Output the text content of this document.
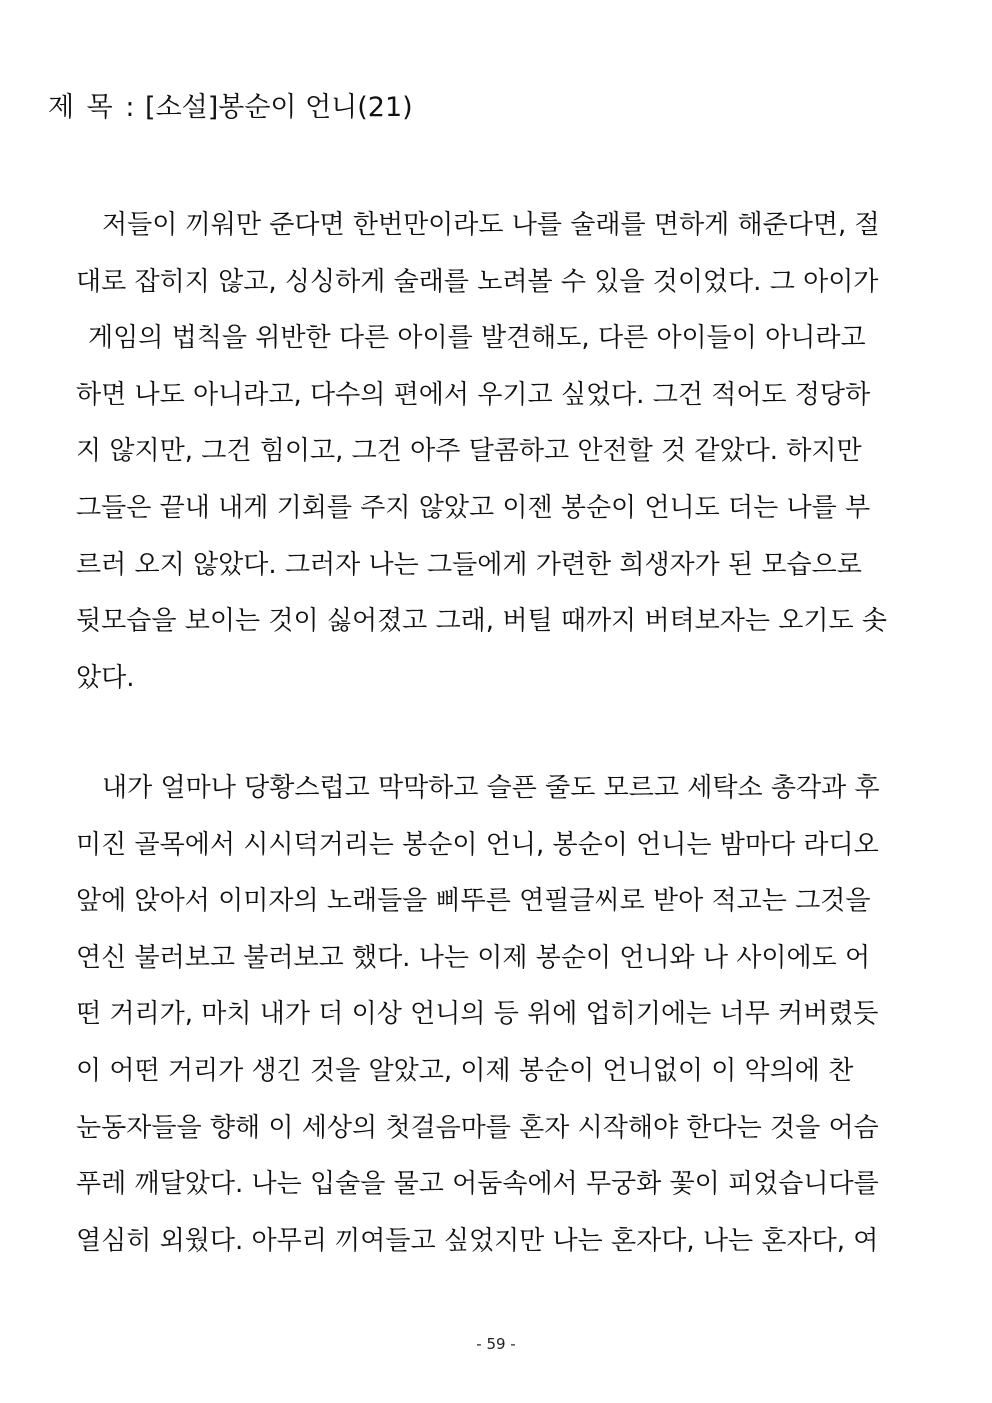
제 목 : [소설]봉순이 언니(21)
저들이 끼워만 준다면 한번만이라도 나를 술래를 면하게 해준다면, 절
대로 잡히지 않고, 싱싱하게 술래를 노려볼 수 있을 것이었다. 그 아이가
게임의 법칙을 위반한 다른 아이를 발견해도, 다른 아이들이 아니라고
하면 나도 아니라고, 다수의 편에서 우기고 싶었다. 그건 적어도 정당하
지 않지만, 그건 힘이고, 그건 아주 달콤하고 안전할 것 같았다. 하지만
그들은 끝내 내게 기회를 주지 않았고 이젠 봉순이 언니도 더는 나를 부
르러 오지 않았다. 그러자 나는 그들에게 가련한 희생자가 된 모습으로
뒷모습을 보이는 것이 싫어졌고 그래, 버틸 때까지 버텨보자는 오기도 솟
았다.
내가 얼마나 당황스럽고 막막하고 슬픈 줄도 모르고 세탁소 총각과 후
미진 골목에서 시시덕거리는 봉순이 언니, 봉순이 언니는 밤마다 라디오
앞에 앉아서 이미자의 노래들을 삐뚜른 연필글씨로 받아 적고는 그것을
연신 불러보고 불러보고 했다. 나는 이제 봉순이 언니와 나 사이에도 어
떤 거리가, 마치 내가 더 이상 언니의 등 위에 업히기에는 너무 커버렸듯
이 어떤 거리가 생긴 것을 알았고, 이제 봉순이 언니없이 이 악의에 찬
눈동자들을 향해 이 세상의 첫걸음마를 혼자 시작해야 한다는 것을 어슴
푸레 깨달았다. 나는 입술을 물고 어둠속에서 무궁화 꽃이 피었습니다를
열심히 외웠다. 아무리 끼여들고 싶었지만 나는 혼자다, 나는 혼자다, 여
- 59 -
